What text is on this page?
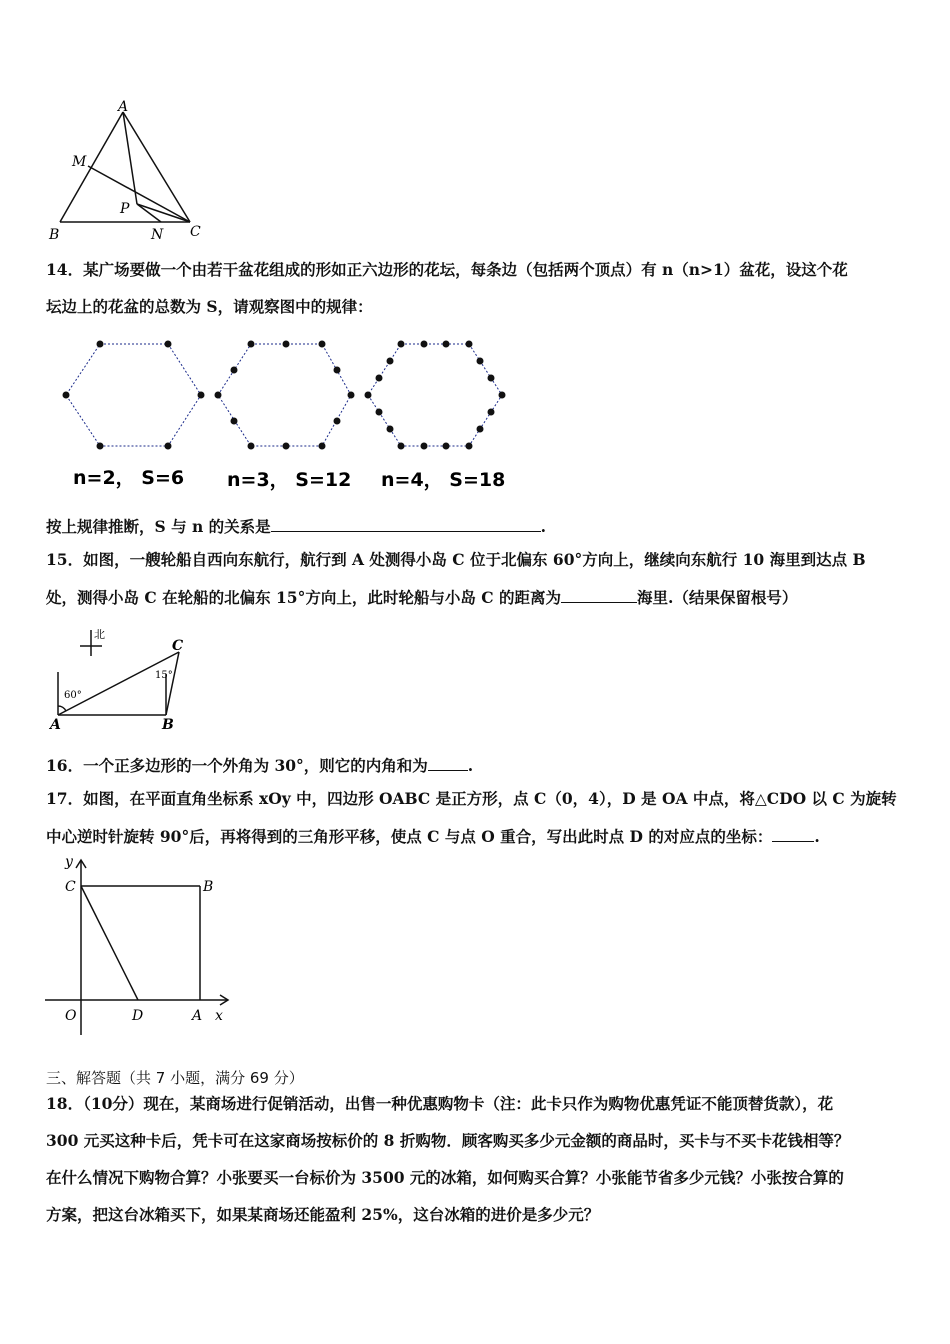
A
M
P
B	N C
14．某广场要做一个由若干盆花组成的形如正六边形的花坛，每条边（包括两个顶点）有 n（n>1）盆花，设这个花
坛边上的花盆的总数为 S，请观察图中的规律：
n=2， S=6 n=3， S=12 n=4， S=18
按上规律推断，S 与 n 的关系是	.
15．如图，一艘轮船自西向东航行，航行到 A 处测得小岛 C 位于北偏东 60°方向上，继续向东航行 10 海里到达点 B
处，测得小岛 C 在轮船的北偏东 15°方向上，此时轮船与小岛 C 的距离为	海里.（结果保留根号）
北
C
15°
60°
A	B
16．一个正多边形的一个外角为 30°，则它的内角和为	.
17．如图，在平面直角坐标系 xOy 中，四边形 OABC 是正方形，点 C（0，4），D 是 OA 中点，将△CDO 以 C 为旋转
中心逆时针旋转 90°后，再将得到的三角形平移，使点 C 与点 O 重合，写出此时点 D 的对应点的坐标：	.
y
C	B
O	D	A x
三、解答题（共 7 小题，满分 69 分）
18．（10分）现在，某商场进行促销活动，出售一种优惠购物卡（注：此卡只作为购物优惠凭证不能顶替货款），花
300 元买这种卡后，凭卡可在这家商场按标价的 8 折购物．顾客购买多少元金额的商品时，买卡与不买卡花钱相等？
在什么情况下购物合算？小张要买一台标价为 3500 元的冰箱，如何购买合算？小张能节省多少元钱？小张按合算的
方案，把这台冰箱买下，如果某商场还能盈利 25%，这台冰箱的进价是多少元？
